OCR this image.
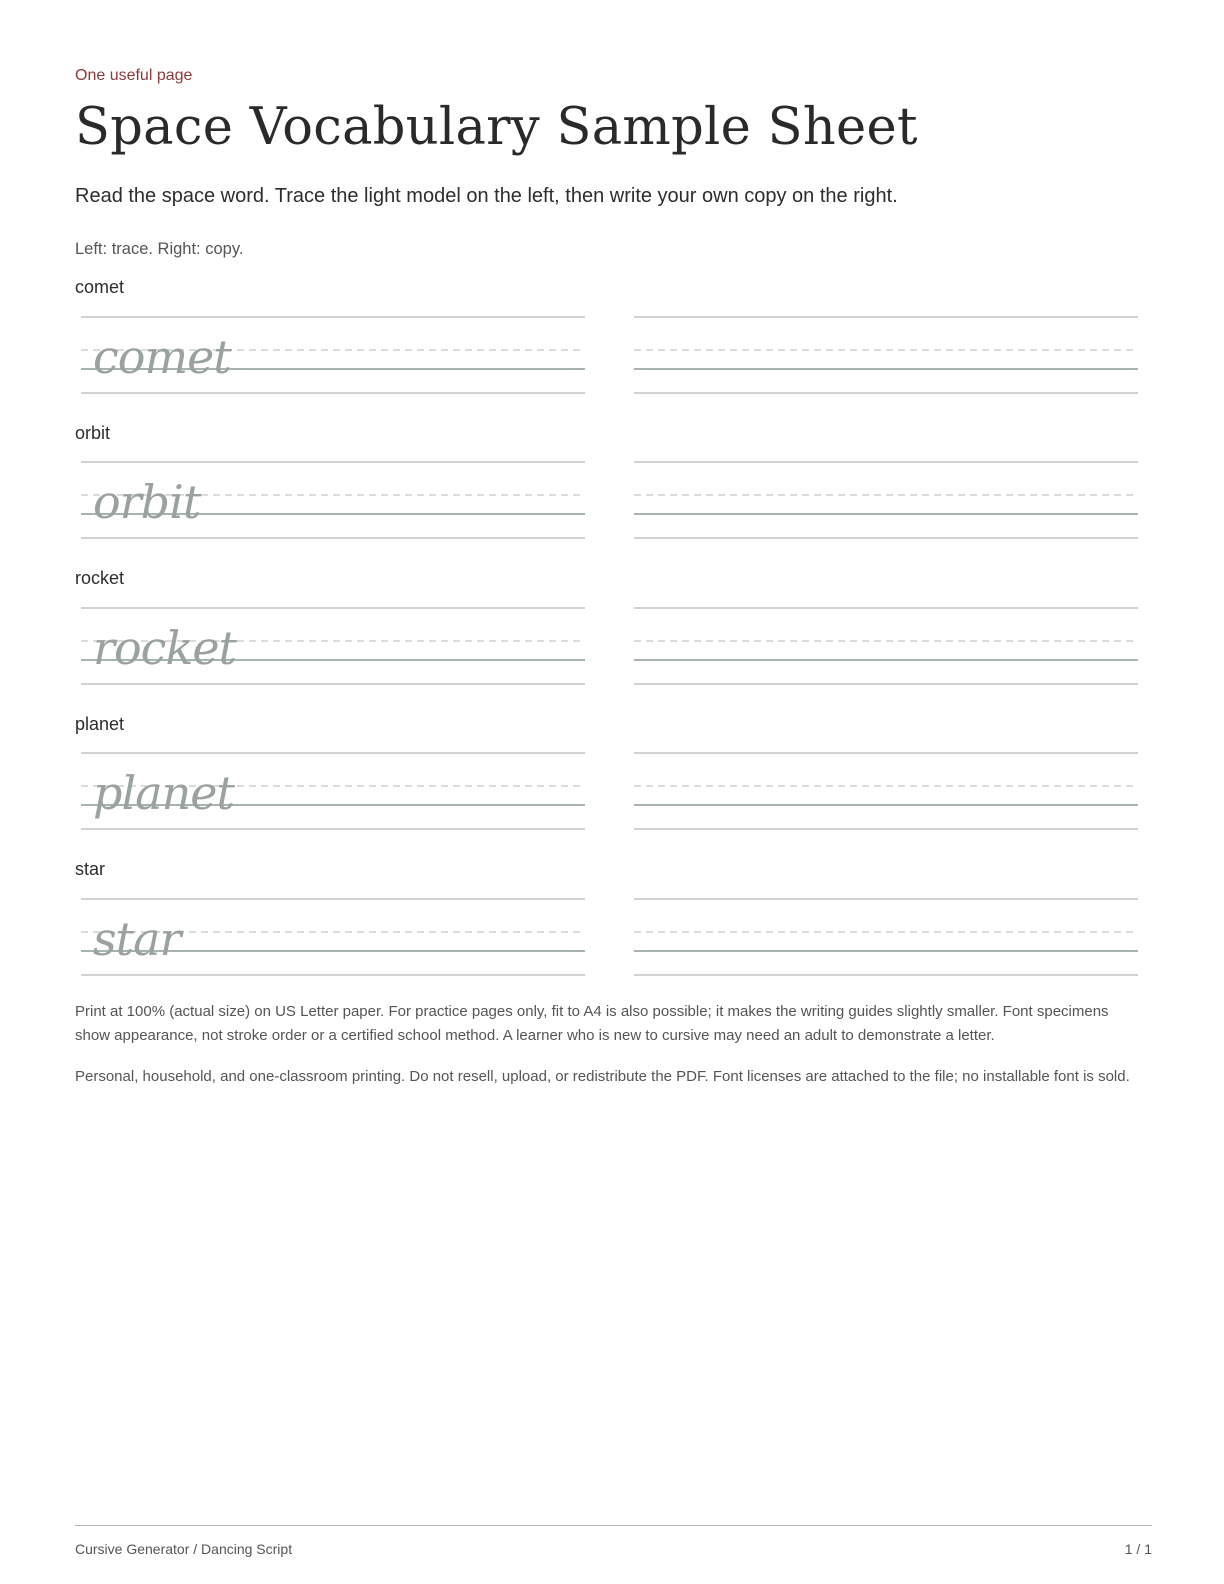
One useful page
Space Vocabulary Sample Sheet
Read the space word. Trace the light model on the left, then write your own copy on the right.
Left: trace. Right: copy.
comet
comet
orbit
orbit
rocket
rocket
planet
planet
star
star
Print at 100% (actual size) on US Letter paper. For practice pages only, fit to A4 is also possible; it makes the writing guides slightly smaller. Font specimens show appearance, not stroke order or a certified school method. A learner who is new to cursive may need an adult to demonstrate a letter.
Personal, household, and one-classroom printing. Do not resell, upload, or redistribute the PDF. Font licenses are attached to the file; no installable font is sold.
Cursive Generator / Dancing Script	1 / 1
